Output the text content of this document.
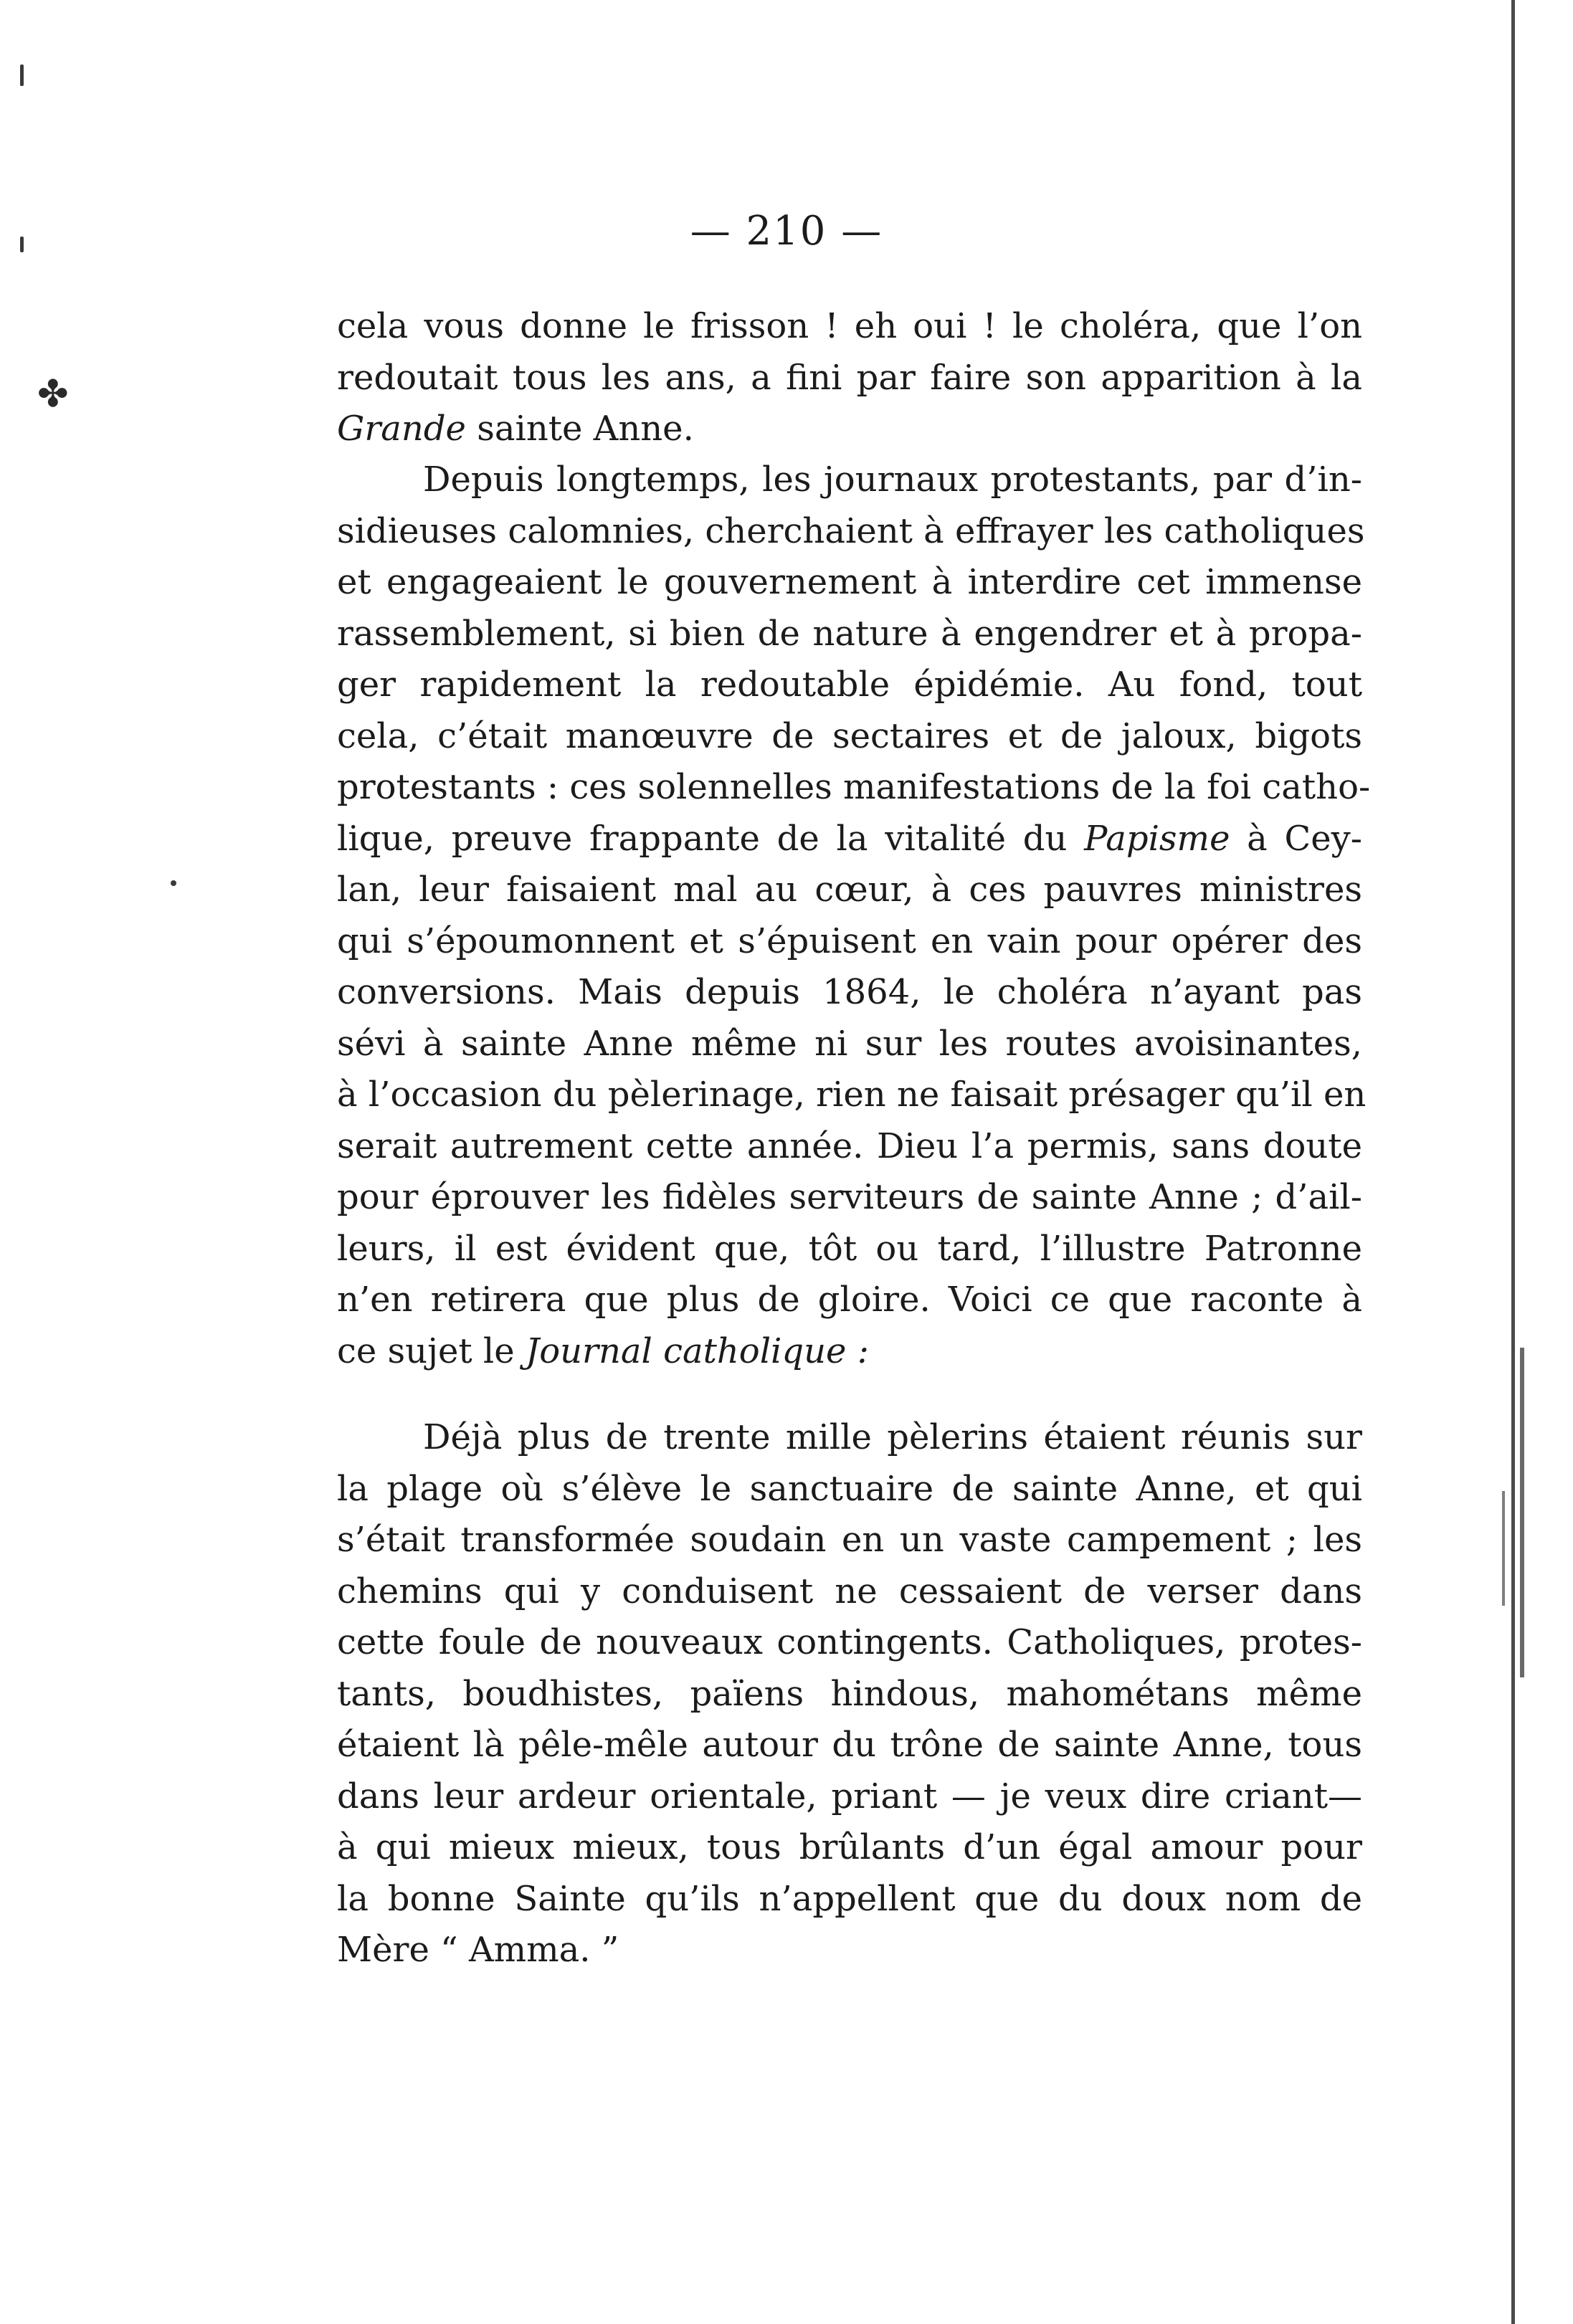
— 210 —
cela vous donne le frisson ! eh oui ! le choléra, que l’on
redoutait tous les ans, a fini par faire son apparition à la
Grande sainte Anne.
Depuis longtemps, les journaux protestants, par d’in-
sidieuses calomnies, cherchaient à effrayer les catholiques
et engageaient le gouvernement à interdire cet immense
rassemblement, si bien de nature à engendrer et à propa-
ger rapidement la redoutable épidémie. Au fond, tout
cela, c’était manœuvre de sectaires et de jaloux, bigots
protestants : ces solennelles manifestations de la foi catho-
lique, preuve frappante de la vitalité du Papisme à Cey-
lan, leur faisaient mal au cœur, à ces pauvres ministres
qui s’époumonnent et s’épuisent en vain pour opérer des
conversions. Mais depuis 1864, le choléra n’ayant pas
sévi à sainte Anne même ni sur les routes avoisinantes,
à l’occasion du pèlerinage, rien ne faisait présager qu’il en
serait autrement cette année. Dieu l’a permis, sans doute
pour éprouver les fidèles serviteurs de sainte Anne ; d’ail-
leurs, il est évident que, tôt ou tard, l’illustre Patronne
n’en retirera que plus de gloire. Voici ce que raconte à
ce sujet le Journal catholique :
Déjà plus de trente mille pèlerins étaient réunis sur
la plage où s’élève le sanctuaire de sainte Anne, et qui
s’était transformée soudain en un vaste campement ; les
chemins qui y conduisent ne cessaient de verser dans
cette foule de nouveaux contingents. Catholiques, protes-
tants, boudhistes, païens hindous, mahométans même
étaient là pêle-mêle autour du trône de sainte Anne, tous
dans leur ardeur orientale, priant — je veux dire criant—
à qui mieux mieux, tous brûlants d’un égal amour pour
la bonne Sainte qu’ils n’appellent que du doux nom de
Mère “ Amma. ”
✤
